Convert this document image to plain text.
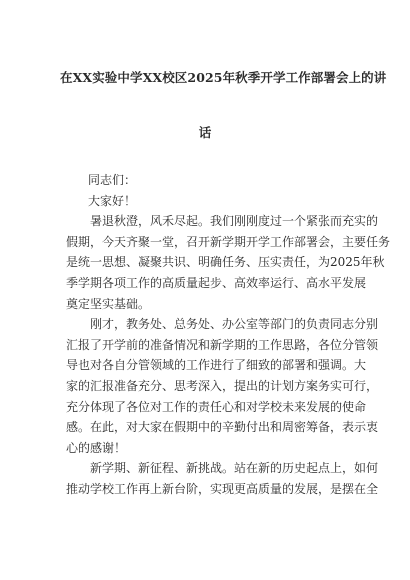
在XX实验中学XX校区2025年秋季开学工作部署会上的讲
话
同志们：
大家好！
暑退秋澄，风禾尽起。我们刚刚度过一个紧张而充实的
假期，今天齐聚一堂，召开新学期开学工作部署会，主要任务
是统一思想、凝聚共识、明确任务、压实责任，为2025年秋
季学期各项工作的高质量起步、高效率运行、高水平发展
奠定坚实基础。
刚才，教务处、总务处、办公室等部门的负责同志分别
汇报了开学前的准备情况和新学期的工作思路，各位分管领
导也对各自分管领域的工作进行了细致的部署和强调。大
家的汇报准备充分、思考深入，提出的计划方案务实可行，
充分体现了各位对工作的责任心和对学校未来发展的使命
感。在此，对大家在假期中的辛勤付出和周密筹备，表示衷
心的感谢！
新学期、新征程、新挑战。站在新的历史起点上，如何
推动学校工作再上新台阶，实现更高质量的发展，是摆在全
